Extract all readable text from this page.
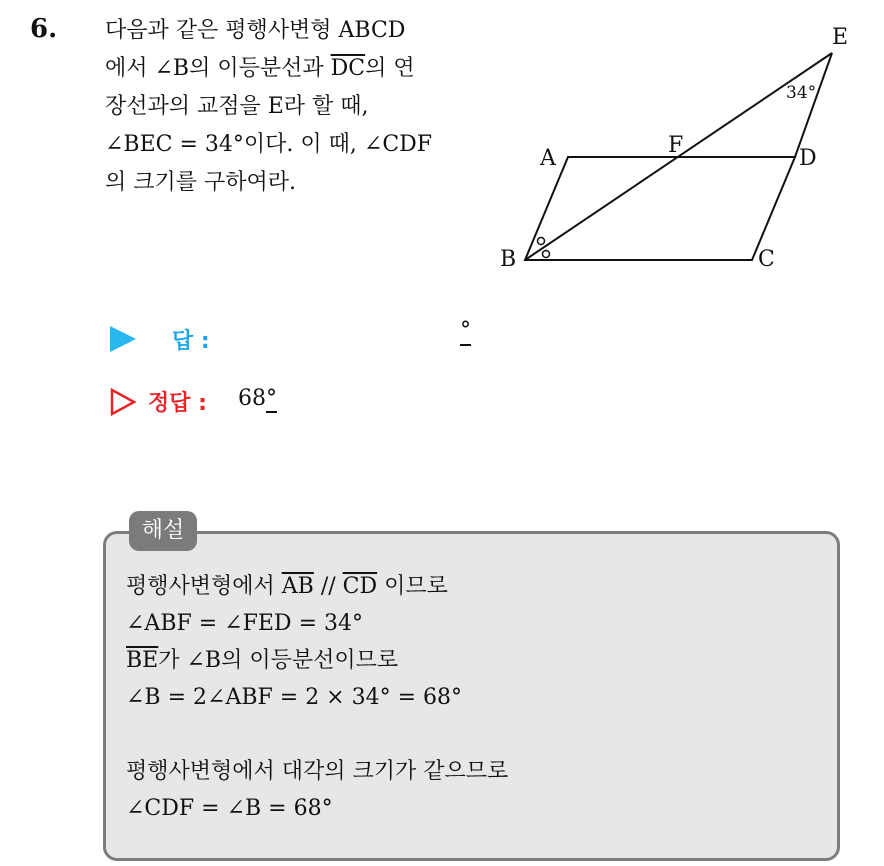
6. 다음과 같은 평행사변형 ABCD
에서 ∠B의 이등분선과 $\overline{DC}$의 연
장선과의 교점을 E라 할 때,
∠BEC = 34°이다. 이 때, ∠CDF
의 크기를 구하여라.
A
B	C
D
E
F
34°
답 :	°
정답 : 68°
해설
평행사변형에서 $\overline{AB} // \overline{CD}$ 이므로
∠ABF = ∠FED = 34°
$\overline{BE}$가 ∠B의 이등분선이므로
∠B = 2∠ABF = 2 × 34° = 68°
평행사변형에서 대각의 크기가 같으므로
∠CDF = ∠B = 68°
